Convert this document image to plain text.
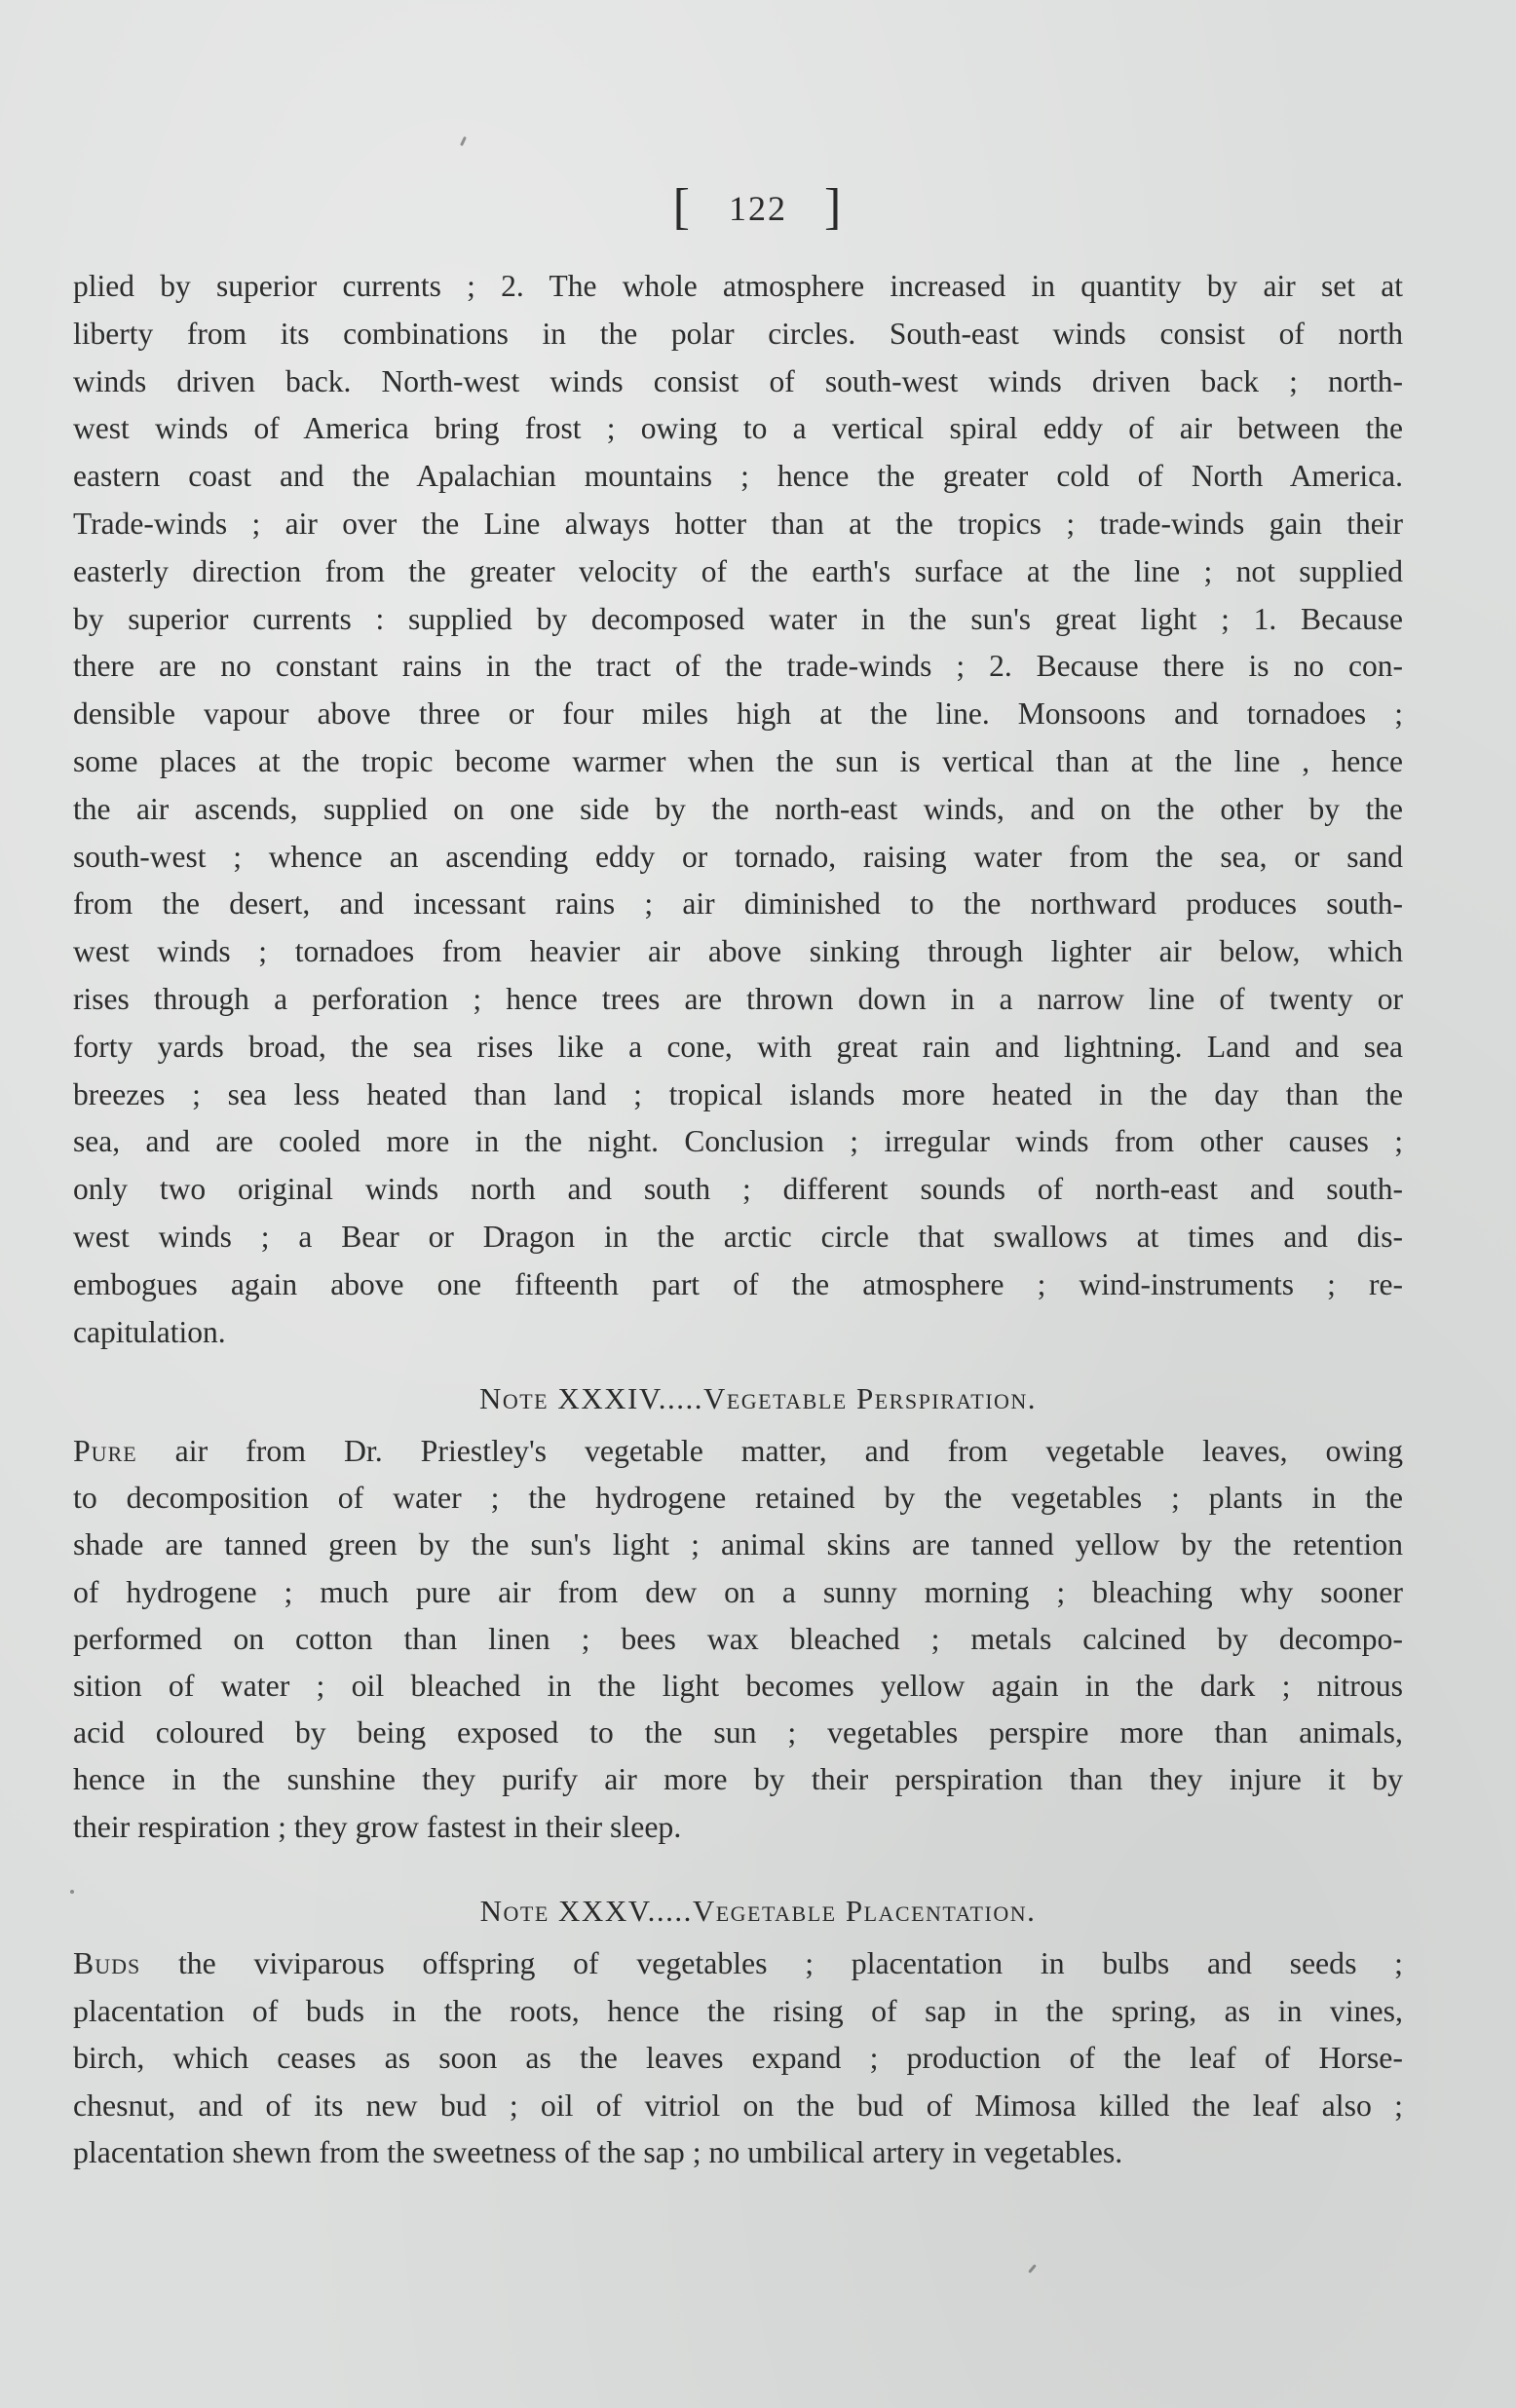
[ 122 ]
plied by superior currents ; 2. The whole atmosphere increased in quantity by air set at
liberty from its combinations in the polar circles. South-east winds consist of north
winds driven back. North-west winds consist of south-west winds driven back ; north-
west winds of America bring frost ; owing to a vertical spiral eddy of air between the
eastern coast and the Apalachian mountains ; hence the greater cold of North America.
Trade-winds ; air over the Line always hotter than at the tropics ; trade-winds gain their
easterly direction from the greater velocity of the earth's surface at the line ; not supplied
by superior currents : supplied by decomposed water in the sun's great light ; 1. Because
there are no constant rains in the tract of the trade-winds ; 2. Because there is no con-
densible vapour above three or four miles high at the line. Monsoons and tornadoes ;
some places at the tropic become warmer when the sun is vertical than at the line , hence
the air ascends, supplied on one side by the north-east winds, and on the other by the
south-west ; whence an ascending eddy or tornado, raising water from the sea, or sand
from the desert, and incessant rains ; air diminished to the northward produces south-
west winds ; tornadoes from heavier air above sinking through lighter air below, which
rises through a perforation ; hence trees are thrown down in a narrow line of twenty or
forty yards broad, the sea rises like a cone, with great rain and lightning. Land and sea
breezes ; sea less heated than land ; tropical islands more heated in the day than the
sea, and are cooled more in the night. Conclusion ; irregular winds from other causes ;
only two original winds north and south ; different sounds of north-east and south-
west winds ; a Bear or Dragon in the arctic circle that swallows at times and dis-
embogues again above one fifteenth part of the atmosphere ; wind-instruments ; re-
capitulation.
Note XXXIV.....Vegetable Perspiration.
Pure air from Dr. Priestley's vegetable matter, and from vegetable leaves, owing
to decomposition of water ; the hydrogene retained by the vegetables ; plants in the
shade are tanned green by the sun's light ; animal skins are tanned yellow by the retention
of hydrogene ; much pure air from dew on a sunny morning ; bleaching why sooner
performed on cotton than linen ; bees wax bleached ; metals calcined by decompo-
sition of water ; oil bleached in the light becomes yellow again in the dark ; nitrous
acid coloured by being exposed to the sun ; vegetables perspire more than animals,
hence in the sunshine they purify air more by their perspiration than they injure it by
their respiration ; they grow fastest in their sleep.
Note XXXV.....Vegetable Placentation.
Buds the viviparous offspring of vegetables ; placentation in bulbs and seeds ;
placentation of buds in the roots, hence the rising of sap in the spring, as in vines,
birch, which ceases as soon as the leaves expand ; production of the leaf of Horse-
chesnut, and of its new bud ; oil of vitriol on the bud of Mimosa killed the leaf also ;
placentation shewn from the sweetness of the sap ; no umbilical artery in vegetables.
